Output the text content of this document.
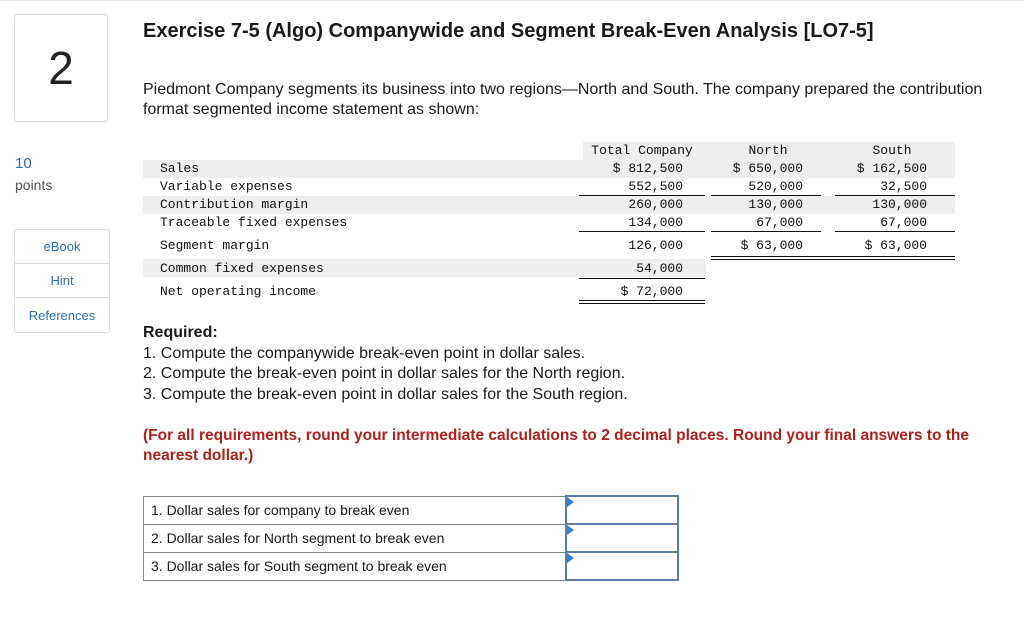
2
10
points
eBook
Hint
References
Exercise 7-5 (Algo) Companywide and Segment Break-Even Analysis [LO7-5]
Piedmont Company segments its business into two regions—North and South. The company prepared the contribution format segmented income statement as shown:
Total Company	North	South
Sales	$ 812,500	$ 650,000	$ 162,500
Variable expenses	552,500	520,000	32,500
Contribution margin	260,000	130,000	130,000
Traceable fixed expenses	134,000	67,000	67,000
Segment margin	126,000	$ 63,000	$ 63,000
Common fixed expenses	54,000
Net operating income	$ 72,000
Required:
1. Compute the companywide break-even point in dollar sales.
2. Compute the break-even point in dollar sales for the North region.
3. Compute the break-even point in dollar sales for the South region.
(For all requirements, round your intermediate calculations to 2 decimal places. Round your final answers to the nearest dollar.)
1. Dollar sales for company to break even	

2. Dollar sales for North segment to break even	

3. Dollar sales for South segment to break even	
